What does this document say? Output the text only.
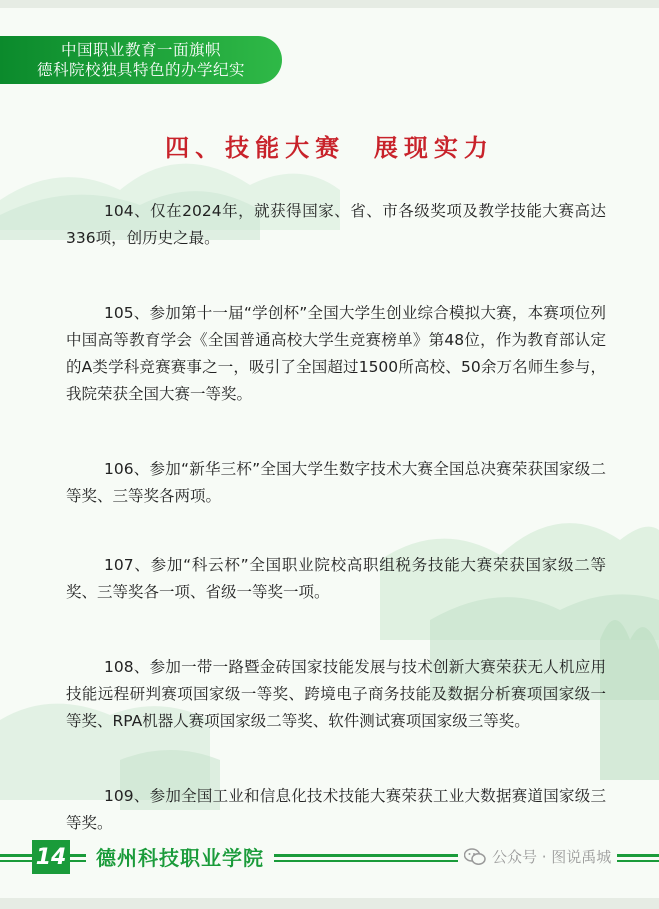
中国职业教育一面旗帜
德科院校独具特色的办学纪实
四、技能大赛  展现实力

104、仅在2024年，就获得国家、省、市各级奖项及教学技能大赛高达336项，创历史之最。

105、参加第十一届“学创杯”全国大学生创业综合模拟大赛，本赛项位列中国高等教育学会《全国普通高校大学生竞赛榜单》第48位，作为教育部认定的A类学科竞赛赛事之一，吸引了全国超过1500所高校、50余万名师生参与，我院荣获全国大赛一等奖。

106、参加“新华三杯”全国大学生数字技术大赛全国总决赛荣获国家级二等奖、三等奖各两项。

107、参加“科云杯”全国职业院校高职组税务技能大赛荣获国家级二等奖、三等奖各一项、省级一等奖一项。

108、参加一带一路暨金砖国家技能发展与技术创新大赛荣获无人机应用技能远程研判赛项国家级一等奖、跨境电子商务技能及数据分析赛项国家级一等奖、RPA机器人赛项国家级二等奖、软件测试赛项国家级三等奖。

109、参加全国工业和信息化技术技能大赛荣获工业大数据赛道国家级三等奖。

14	德州科技职业学院	公众号 · 图说禹城
